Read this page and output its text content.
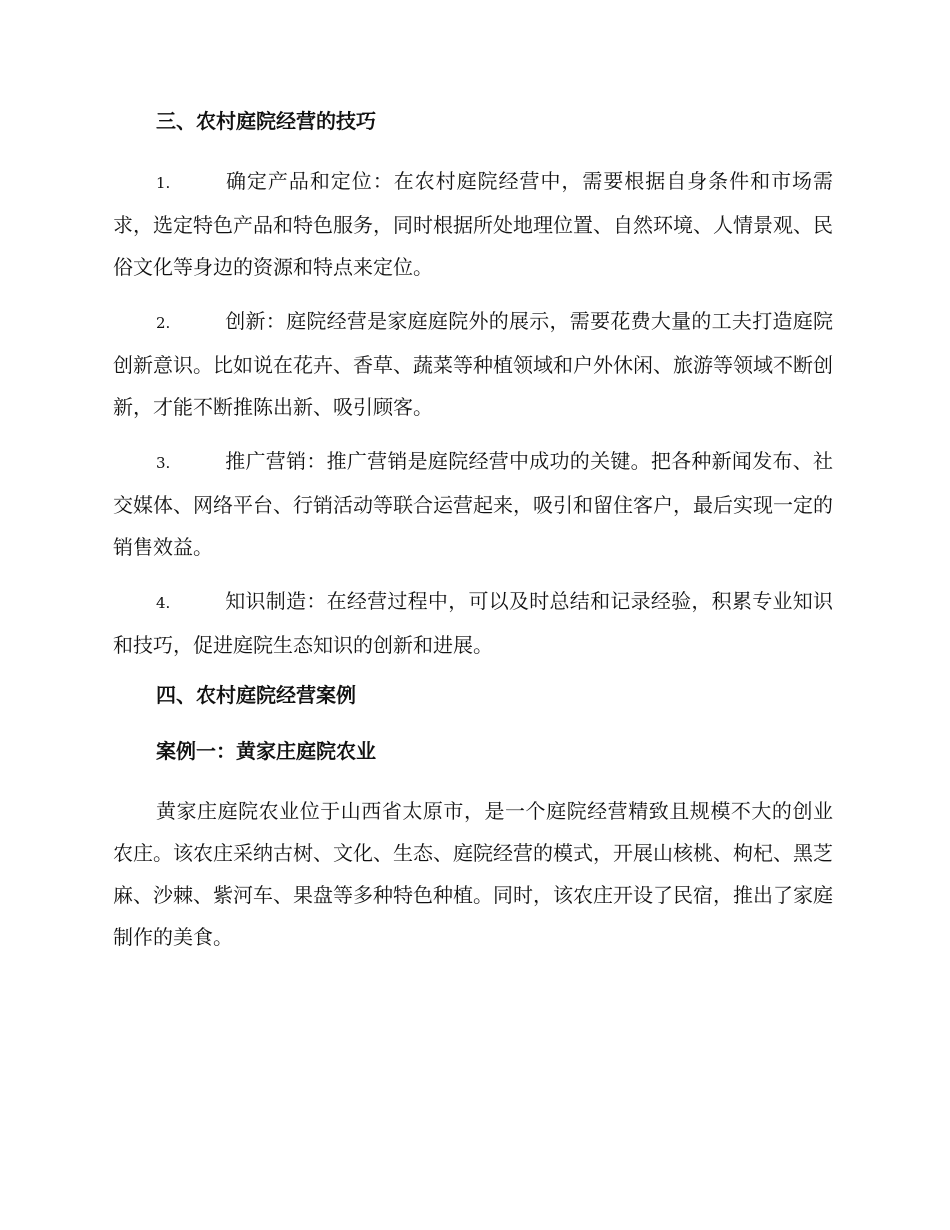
三、农村庭院经营的技巧

1.	确定产品和定位：在农村庭院经营中，需要根据自身条件和市场需求，选定特色产品和特色服务，同时根据所处地理位置、自然环境、人情景观、民俗文化等身边的资源和特点来定位。

2.	创新：庭院经营是家庭庭院外的展示，需要花费大量的工夫打造庭院创新意识。比如说在花卉、香草、蔬菜等种植领域和户外休闲、旅游等领域不断创新，才能不断推陈出新、吸引顾客。

3.	推广营销：推广营销是庭院经营中成功的关键。把各种新闻发布、社交媒体、网络平台、行销活动等联合运营起来，吸引和留住客户，最后实现一定的销售效益。

4.	知识制造：在经营过程中，可以及时总结和记录经验，积累专业知识和技巧，促进庭院生态知识的创新和进展。

四、农村庭院经营案例
案例一：黄家庄庭院农业

黄家庄庭院农业位于山西省太原市，是一个庭院经营精致且规模不大的创业农庄。该农庄采纳古树、文化、生态、庭院经营的模式，开展山核桃、枸杞、黑芝麻、沙棘、紫河车、果盘等多种特色种植。同时，该农庄开设了民宿，推出了家庭制作的美食。
